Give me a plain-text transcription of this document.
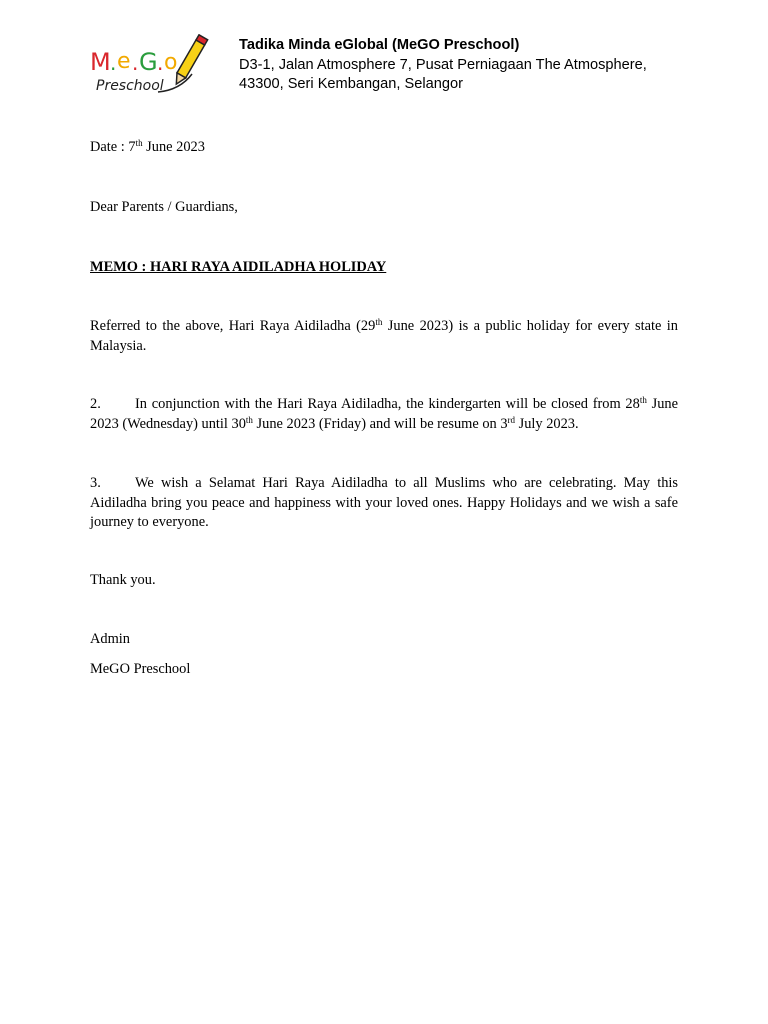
M . e . G . o
Preschool
Tadika Minda eGlobal (MeGO Preschool)
D3-1, Jalan Atmosphere 7, Pusat Perniagaan The Atmosphere,
43300, Seri Kembangan, Selangor
Date : 7th June 2023
Dear Parents / Guardians,
MEMO : HARI RAYA AIDILADHA HOLIDAY
Referred to the above, Hari Raya Aidiladha (29th June 2023) is a public holiday for every state in Malaysia.
2. In conjunction with the Hari Raya Aidiladha, the kindergarten will be closed from 28th June 2023 (Wednesday) until 30th June 2023 (Friday) and will be resume on 3rd July 2023.
3. We wish a Selamat Hari Raya Aidiladha to all Muslims who are celebrating. May this Aidiladha bring you peace and happiness with your loved ones. Happy Holidays and we wish a safe journey to everyone.
Thank you.
Admin
MeGO Preschool
